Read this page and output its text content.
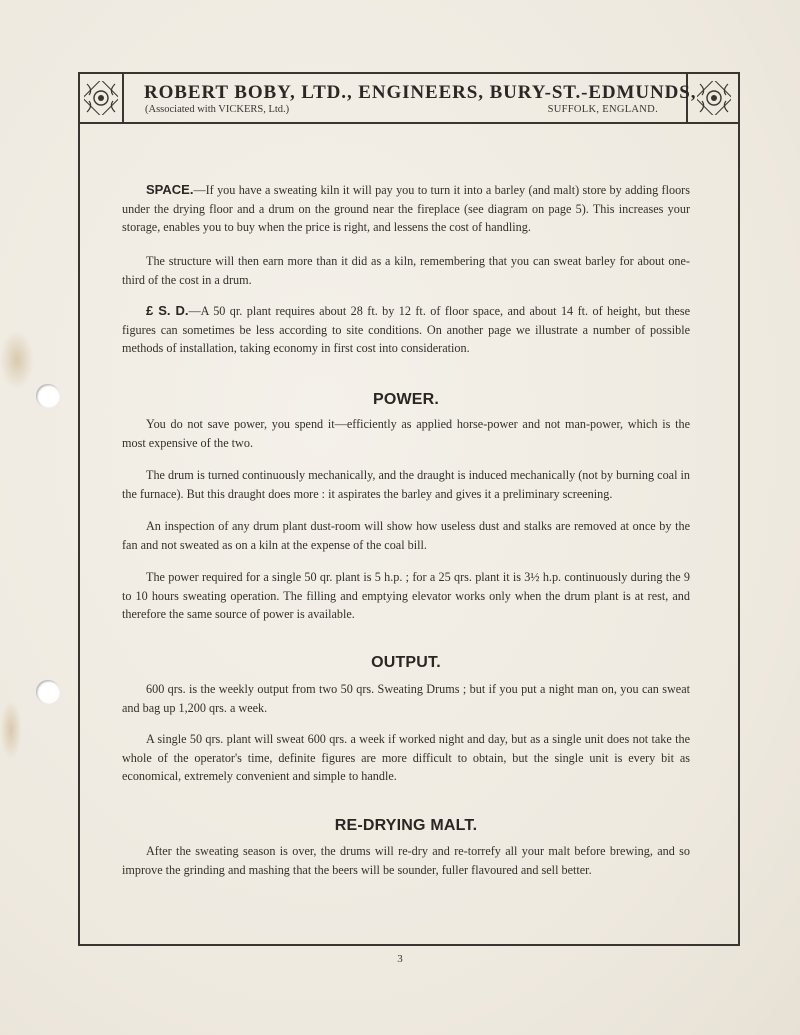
ROBERT BOBY, LTD., ENGINEERS, BURY-ST.-EDMUNDS,
(Associated with VICKERS, Ltd.)	SUFFOLK, ENGLAND.

SPACE.—If you have a sweating kiln it will pay you to turn it into a barley (and malt) store by adding floors under the drying floor and a drum on the ground near the fireplace (see diagram on page 5). This increases your storage, enables you to buy when the price is right, and lessens the cost of handling.

The structure will then earn more than it did as a kiln, remembering that you can sweat barley for about one-third of the cost in a drum.

£ S. D.—A 50 qr. plant requires about 28 ft. by 12 ft. of floor space, and about 14 ft. of height, but these figures can sometimes be less according to site conditions. On another page we illustrate a number of possible methods of installation, taking economy in first cost into consideration.

POWER.

You do not save power, you spend it—efficiently as applied horse-power and not man-power, which is the most expensive of the two.

The drum is turned continuously mechanically, and the draught is induced mechanically (not by burning coal in the furnace). But this draught does more : it aspirates the barley and gives it a preliminary screening.

An inspection of any drum plant dust-room will show how useless dust and stalks are removed at once by the fan and not sweated as on a kiln at the expense of the coal bill.

The power required for a single 50 qr. plant is 5 h.p. ; for a 25 qrs. plant it is 3½ h.p. continuously during the 9 to 10 hours sweating operation. The filling and emptying elevator works only when the drum plant is at rest, and therefore the same source of power is available.

OUTPUT.

600 qrs. is the weekly output from two 50 qrs. Sweating Drums ; but if you put a night man on, you can sweat and bag up 1,200 qrs. a week.

A single 50 qrs. plant will sweat 600 qrs. a week if worked night and day, but as a single unit does not take the whole of the operator's time, definite figures are more difficult to obtain, but the single unit is every bit as economical, extremely convenient and simple to handle.

RE-DRYING MALT.

After the sweating season is over, the drums will re-dry and re-torrefy all your malt before brewing, and so improve the grinding and mashing that the beers will be sounder, fuller flavoured and sell better.

3
